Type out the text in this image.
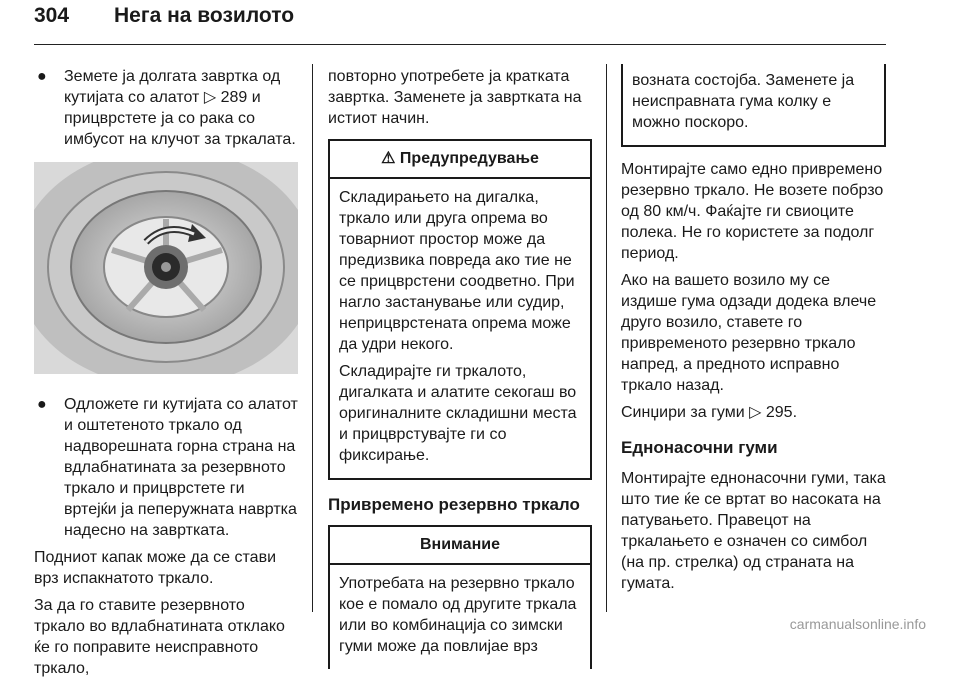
304 Нега на возилото
● Земете ја долгата завртка од кутијата со алатот ▷ 289 и прицврстете ја со рака со имбусот на клучот за тркалата.
● Одложете ги кутијата со алатот и оштетеното тркало од надворешната горна страна на вдлабнатината за резервното тркало и прицврстете ги вртејќи ја пеперужната навртка надесно на завртката.

Подниот капак може да се стави врз испакнатото тркало.

За да го ставите резервното тркало во вдлабнатината отклако ќе го поправите неисправното тркало,

повторно употребете ја кратката завртка. Заменете ја завртката на истиот начин.

⚠ Предупредување

Складирањето на дигалка, тркало или друга опрема во товарниот простор може да предизвика повреда ако тие не се прицврстени соодветно. При нагло застанување или судир, неприцврстената опрема може да удри некого.

Складирајте ги тркалото, дигалката и алатите секогаш во оригиналните складишни места и прицврстувајте ги со фиксирање.

Привремено резервно тркало
Внимание

Употребата на резервно тркало кое е помало од другите тркала или во комбинација со зимски гуми може да повлијае врз

возната состојба. Заменете ја неисправната гума колку е можно поскоро.

Монтирајте само едно привремено резервно тркало. Не возете побрзо од 80 км/ч. Фаќајте ги свиоците полека. Не го користете за подолг период.

Ако на вашето возило му се издише гума одзади додека влече друго возило, ставете го привременото резервно тркало напред, а предното исправно тркало назад.

Синџири за гуми ▷ 295.

Еднонасочни гуми

Монтирајте еднонасочни гуми, така што тие ќе се вртат во насоката на патувањето. Правецот на тркалањето е означен со симбол (на пр. стрелка) од страната на гумата.

carmanualsonline.info
